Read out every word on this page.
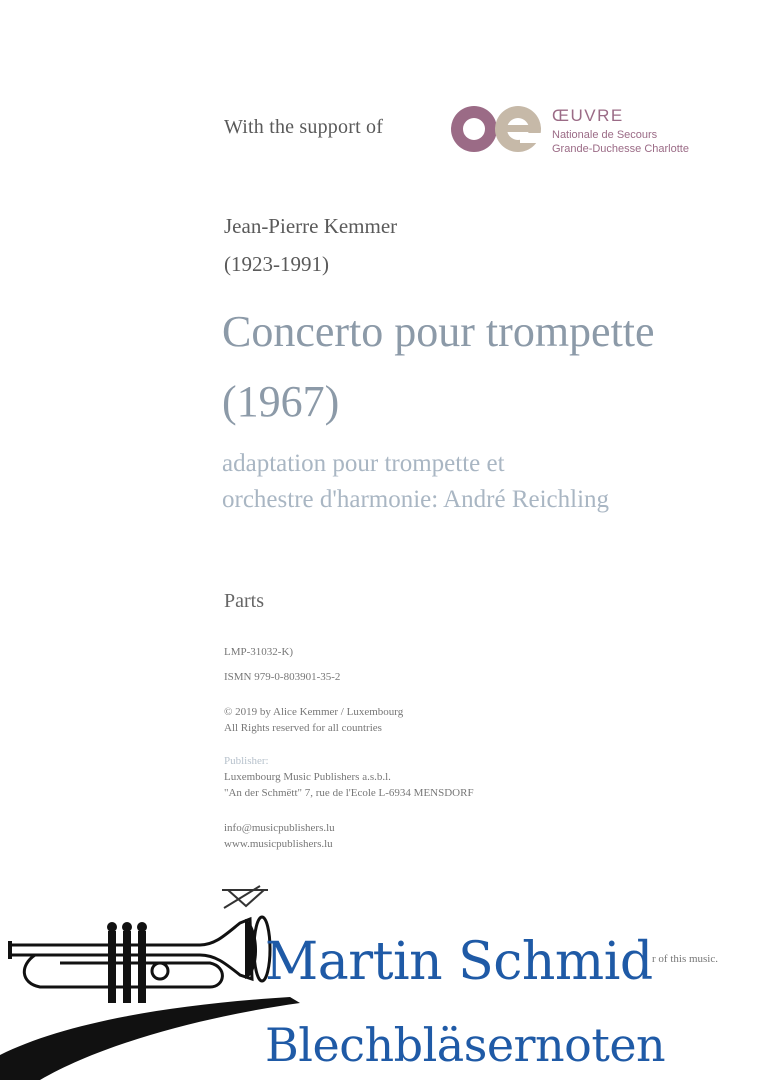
With the support of
ŒUVRE
Nationale de Secours
Grande-Duchesse Charlotte
Jean-Pierre Kemmer
(1923-1991)
Concerto pour trompette
(1967)
adaptation pour trompette et
orchestre d'harmonie: André Reichling
Parts
LMP-31032-K)
ISMN 979-0-803901-35-2
© 2019 by Alice Kemmer / Luxembourg
All Rights reserved for all countries
Publisher:
Luxembourg Music Publishers a.s.b.l.
"An der Schmëtt" 7, rue de l'Ecole L-6934 MENSDORF
info@musicpublishers.lu
www.musicpublishers.lu
r of this music.
Martin Schmid
Blechbläsernoten
